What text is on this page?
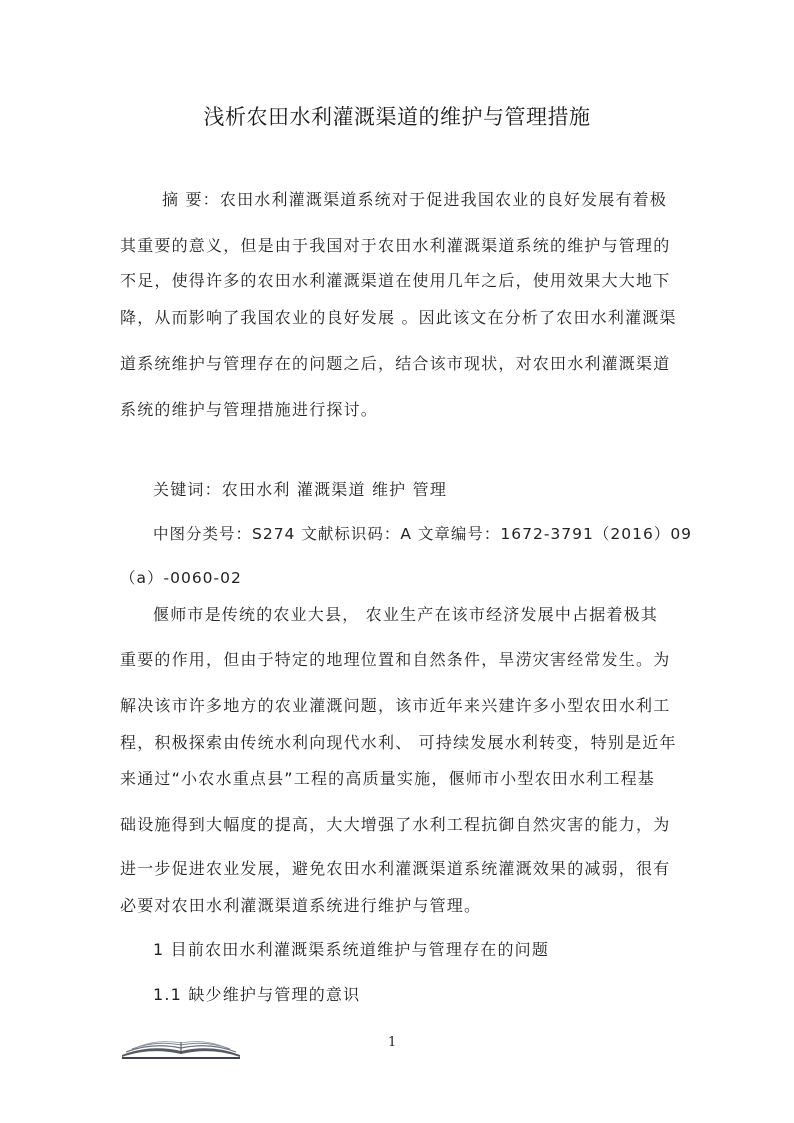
浅析农田水利灌溉渠道的维护与管理措施
摘 要：农田水利灌溉渠道系统对于促进我国农业的良好发展有着极
其重要的意义，但是由于我国对于农田水利灌溉渠道系统的维护与管理的
不足，使得许多的农田水利灌溉渠道在使用几年之后，使用效果大大地下
降，从而影响了我国农业的良好发展 。因此该文在分析了农田水利灌溉渠
道系统维护与管理存在的问题之后，结合该市现状，对农田水利灌溉渠道
系统的维护与管理措施进行探讨。
关键词：农田水利 灌溉渠道 维护 管理
中图分类号：S274 文献标识码：A 文章编号：1672-3791（2016）09
（a）-0060-02
偃师市是传统的农业大县， 农业生产在该市经济发展中占据着极其
重要的作用，但由于特定的地理位置和自然条件，旱涝灾害经常发生。为
解决该市许多地方的农业灌溉问题，该市近年来兴建许多小型农田水利工
程，积极探索由传统水利向现代水利、 可持续发展水利转变，特别是近年
来通过“小农水重点县”工程的高质量实施，偃师市小型农田水利工程基
础设施得到大幅度的提高，大大增强了水利工程抗御自然灾害的能力，为
进一步促进农业发展，避免农田水利灌溉渠道系统灌溉效果的减弱，很有
必要对农田水利灌溉渠道系统进行维护与管理。
1 目前农田水利灌溉渠系统道维护与管理存在的问题
1.1 缺少维护与管理的意识
1
